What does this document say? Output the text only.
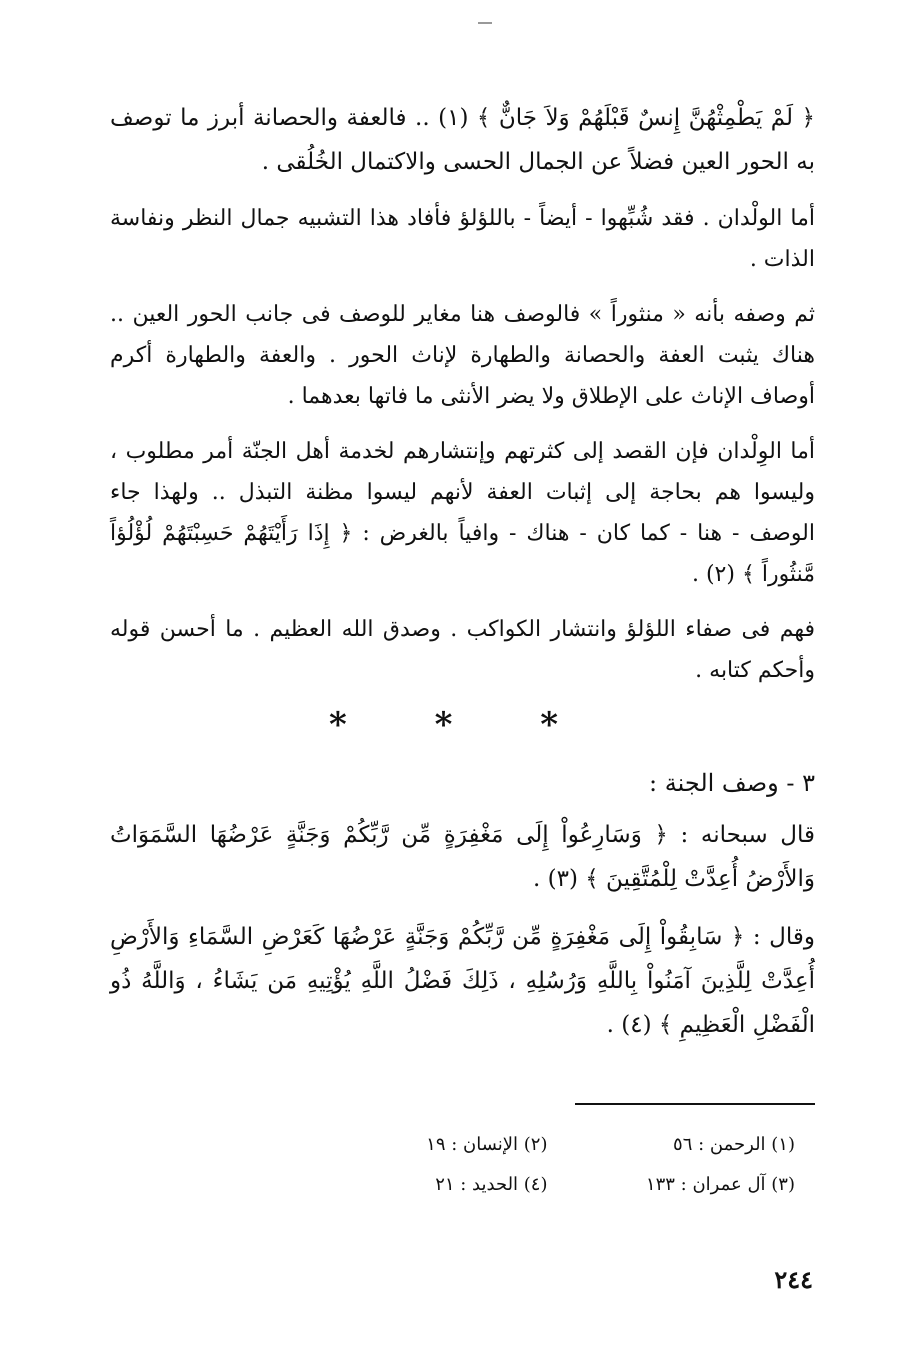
﴿ لَمْ يَطْمِثْهُنَّ إِنسٌ قَبْلَهُمْ وَلاَ جَانٌّ ﴾ (١) .. فالعفة والحصانة أبرز ما توصف به الحور العين فضلاً عن الجمال الحسى والاكتمال الخُلُقى .

أما الولْدان . فقد شُبِّهوا - أيضاً - باللؤلؤ فأفاد هذا التشبيه جمال النظر ونفاسة الذات .

ثم وصفه بأنه « منثوراً » فالوصف هنا مغاير للوصف فى جانب الحور العين .. هناك يثبت العفة والحصانة والطهارة لإناث الحور . والعفة والطهارة أكرم أوصاف الإناث على الإطلاق ولا يضر الأنثى ما فاتها بعدهما .

أما الوِلْدان فإن القصد إلى كثرتهم وإنتشارهم لخدمة أهل الجنّة أمر مطلوب ، وليسوا هم بحاجة إلى إثبات العفة لأنهم ليسوا مظنة التبذل .. ولهذا جاء الوصف - هنا - كما كان - هناك - وافياً بالغرض : ﴿ إِذَا رَأَيْتَهُمْ حَسِبْتَهُمْ لُؤْلُؤاً مَّنثُوراً ﴾ (٢) .

فهم فى صفاء اللؤلؤ وانتشار الكواكب . وصدق الله العظيم . ما أحسن قوله وأحكم كتابه .

* * *
٣ - وصف الجنة :

قال سبحانه : ﴿ وَسَارِعُواْ إِلَى مَغْفِرَةٍ مِّن رَّبِّكُمْ وَجَنَّةٍ عَرْضُهَا السَّمَوَاتُ وَالأَرْضُ أُعِدَّتْ لِلْمُتَّقِينَ ﴾ (٣) .

وقال : ﴿ سَابِقُواْ إِلَى مَغْفِرَةٍ مِّن رَّبِّكُمْ وَجَنَّةٍ عَرْضُهَا كَعَرْضِ السَّمَاءِ وَالأَرْضِ أُعِدَّتْ لِلَّذِينَ آمَنُواْ بِاللَّهِ وَرُسُلِهِ ، ذَلِكَ فَضْلُ اللَّهِ يُؤْتِيهِ مَن يَشَاءُ ، وَاللَّهُ ذُو الْفَضْلِ الْعَظِيمِ ﴾ (٤) .

(١) الرحمن : ٥٦
(٢) الإنسان : ١٩
(٣) آل عمران : ١٣٣
(٤) الحديد : ٢١
٢٤٤
